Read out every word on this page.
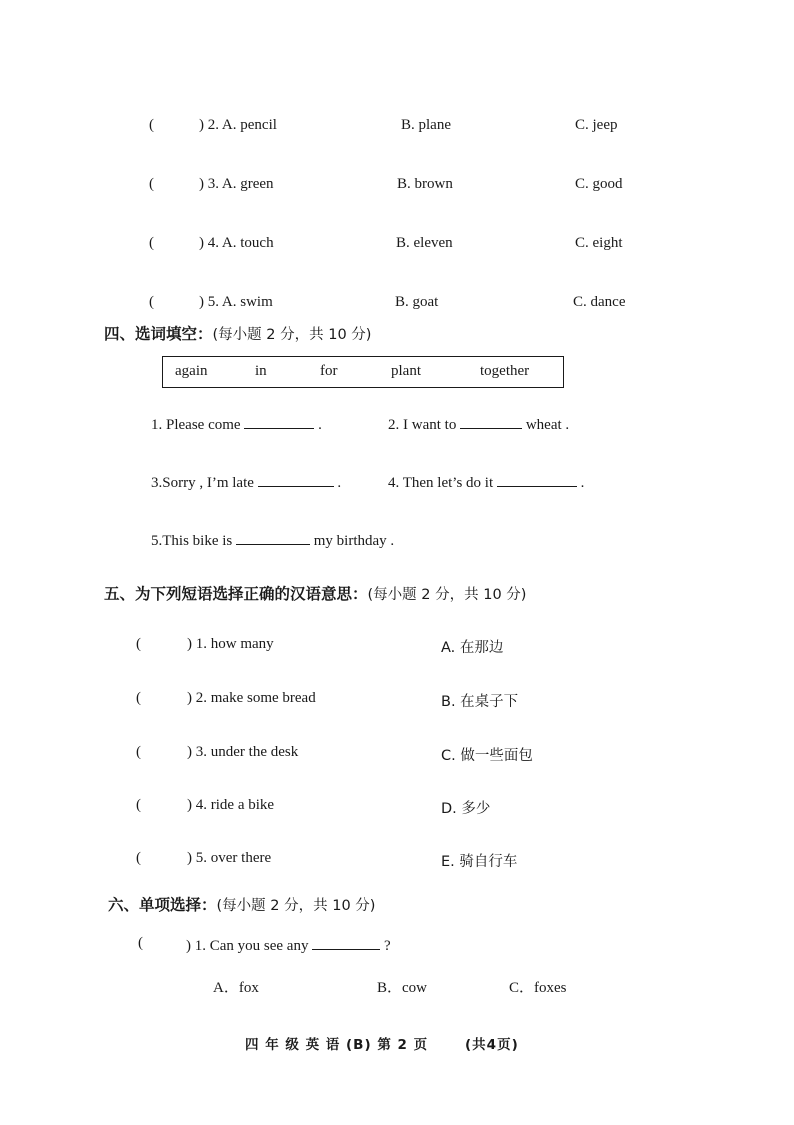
(	) 2. A. pencil	B. plane	C. jeep
(	) 3. A. green	B. brown	C. good
(	) 4. A. touch	B. eleven	C. eight
(	) 5. A. swim	B. goat	C. dance
四、选词填空：(每小题 2 分，共 10 分)
again	in	for	plant	together
1. Please come	.	2. I want to	wheat .
3.Sorry , I’m late	.	4. Then let’s do it	.
5.This bike is	my birthday .
五、为下列短语选择正确的汉语意思：(每小题 2 分，共 10 分)
(	) 1. how many	A. 在那边
(	) 2. make some bread	B. 在桌子下
(	) 3. under the desk	C. 做一些面包
(	) 4. ride a bike	D. 多少
(	) 5. over there	E. 骑自行车
六、单项选择：(每小题 2 分，共 10 分)
(	) 1. Can you see any	?
A．fox	B．cow	C．foxes
四 年 级 英 语 (B) 第 2 页	(共4页)
